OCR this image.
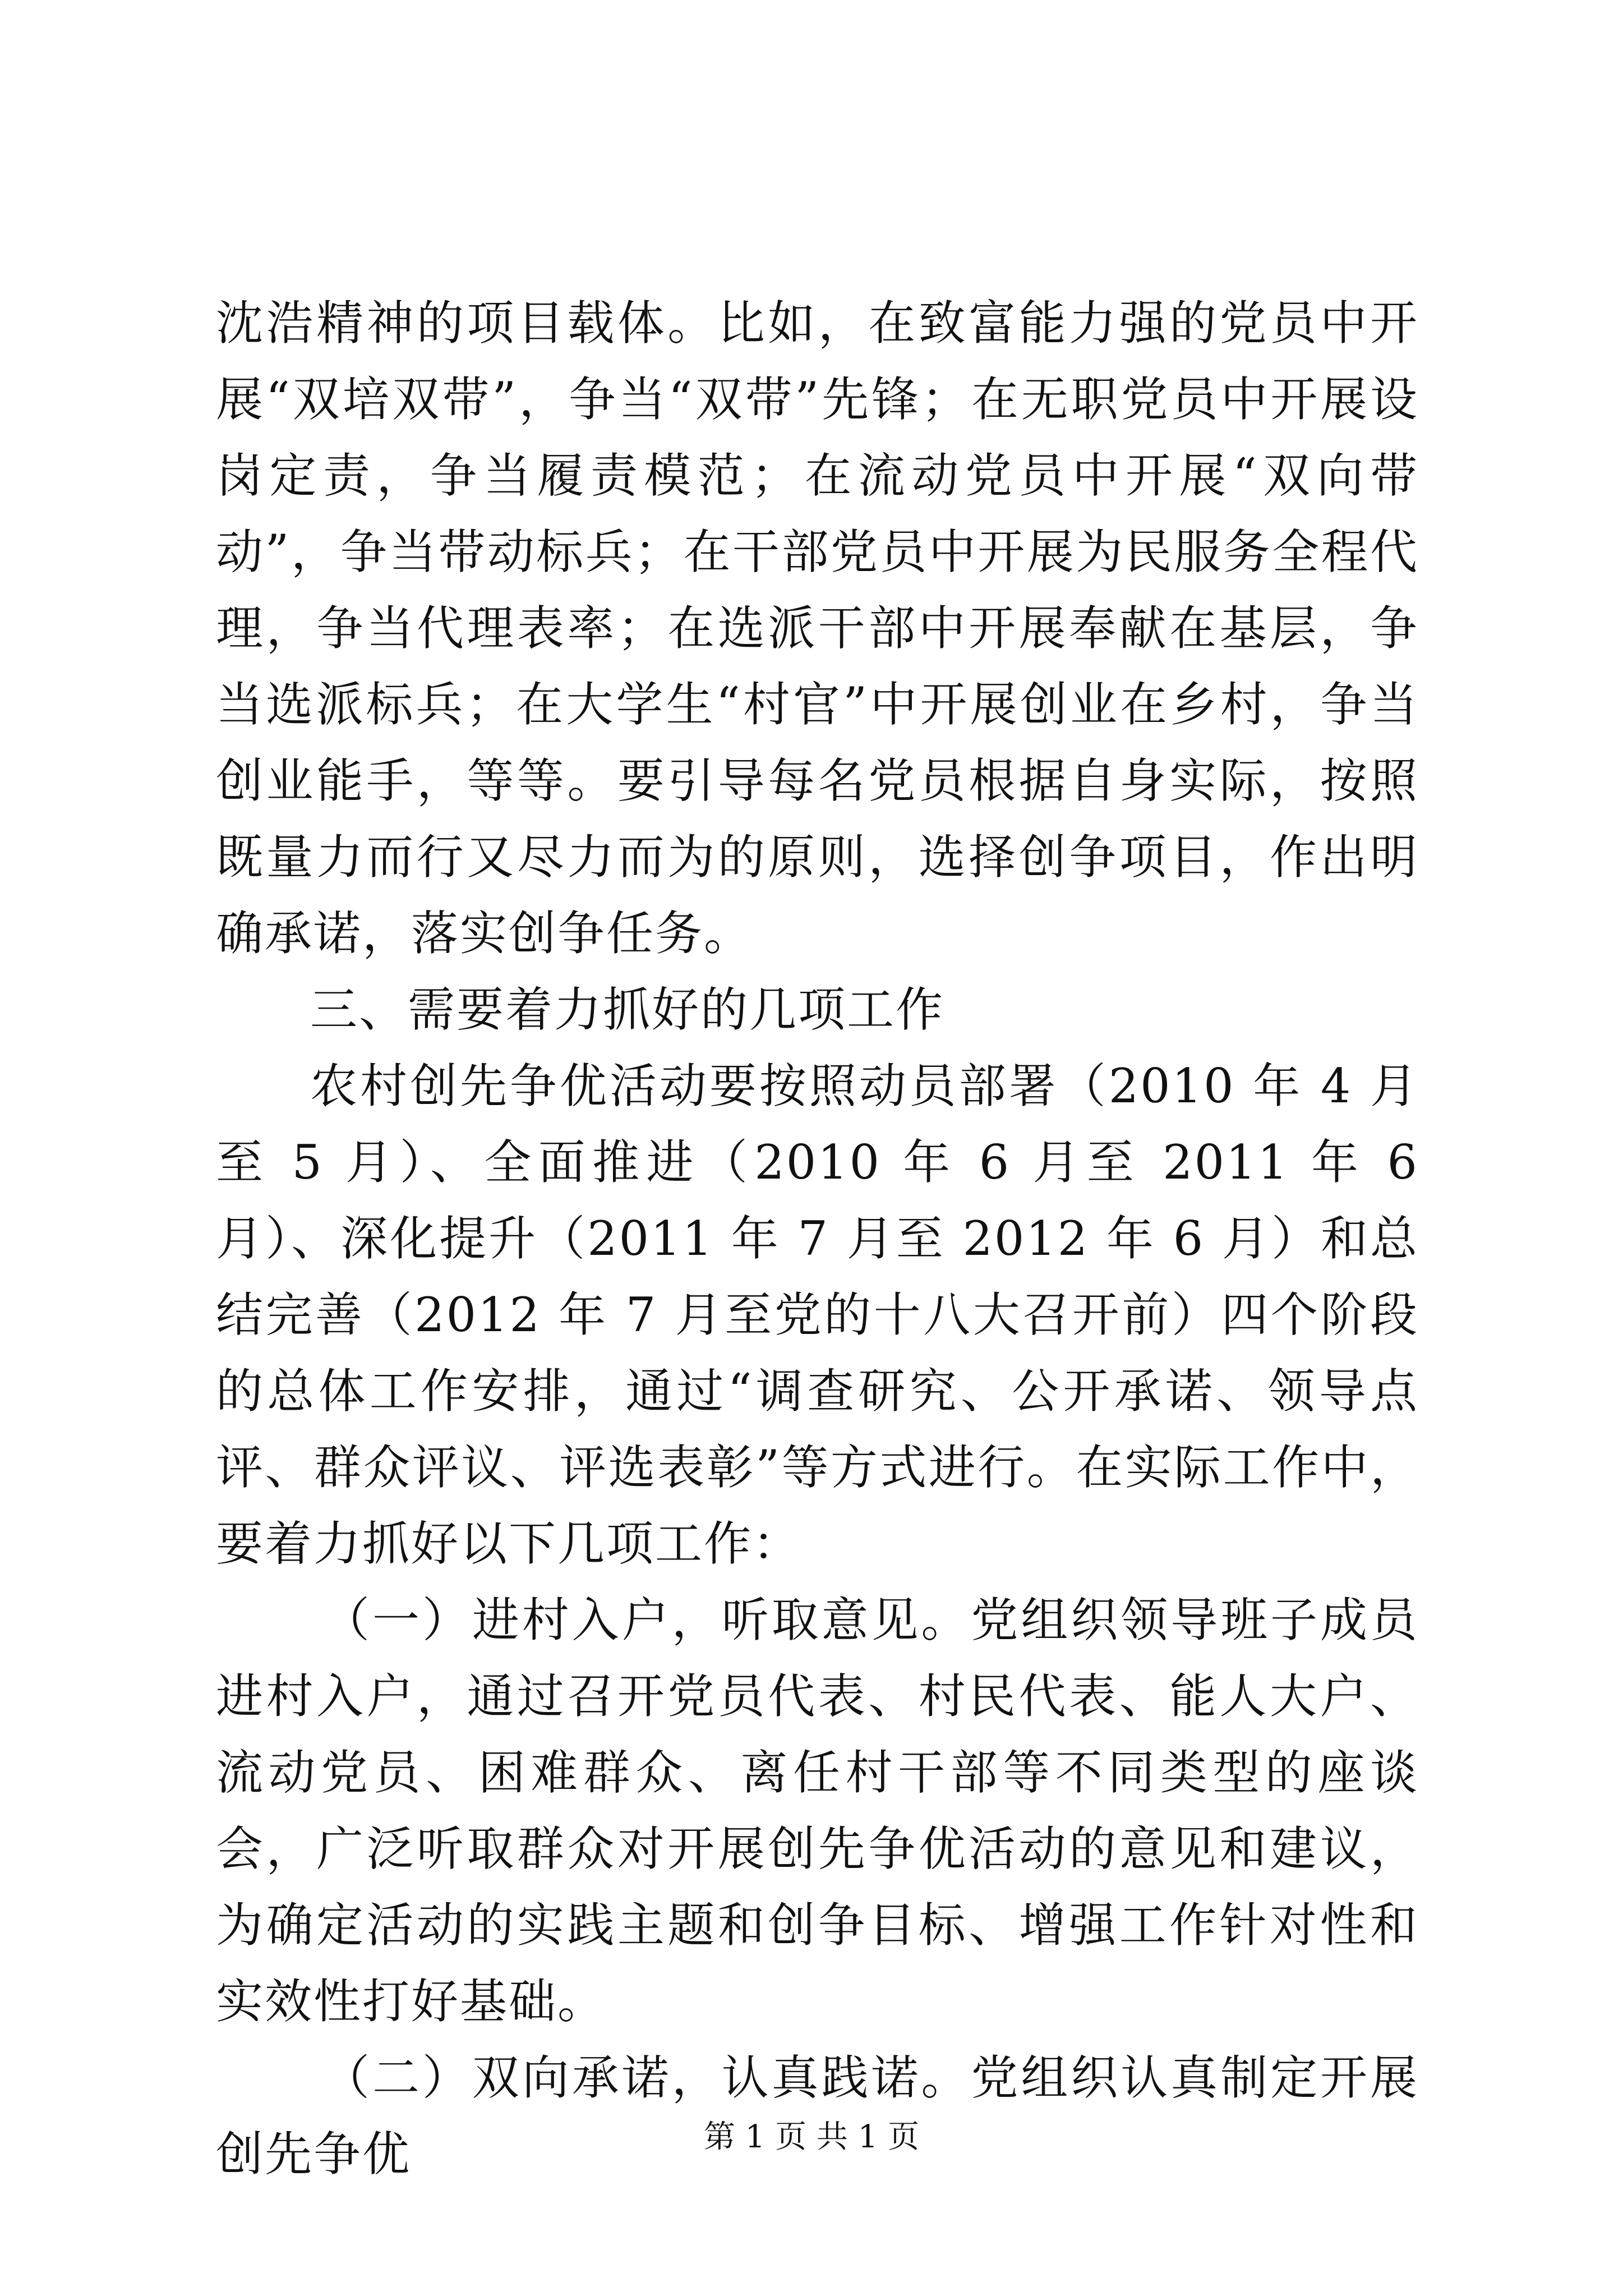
沈浩精神的项目载体。比如，在致富能力强的党员中开展“双培双带”，争当“双带”先锋；在无职党员中开展设岗定责，争当履责模范；在流动党员中开展“双向带动”，争当带动标兵；在干部党员中开展为民服务全程代理，争当代理表率；在选派干部中开展奉献在基层，争当选派标兵；在大学生“村官”中开展创业在乡村，争当创业能手，等等。要引导每名党员根据自身实际，按照既量力而行又尽力而为的原则，选择创争项目，作出明确承诺，落实创争任务。

三、需要着力抓好的几项工作

农村创先争优活动要按照动员部署（2010 年 4 月至 5 月）、全面推进（2010 年 6 月至 2011 年 6 月）、深化提升（2011 年 7 月至 2012 年 6 月）和总结完善（2012 年 7 月至党的十八大召开前）四个阶段的总体工作安排，通过“调查研究、公开承诺、领导点评、群众评议、评选表彰”等方式进行。在实际工作中，要着力抓好以下几项工作：

（一）进村入户，听取意见。党组织领导班子成员进村入户，通过召开党员代表、村民代表、能人大户、流动党员、困难群众、离任村干部等不同类型的座谈会，广泛听取群众对开展创先争优活动的意见和建议，为确定活动的实践主题和创争目标、增强工作针对性和实效性打好基础。

（二）双向承诺，认真践诺。党组织认真制定开展创先争优	第 1 页 共 1 页
